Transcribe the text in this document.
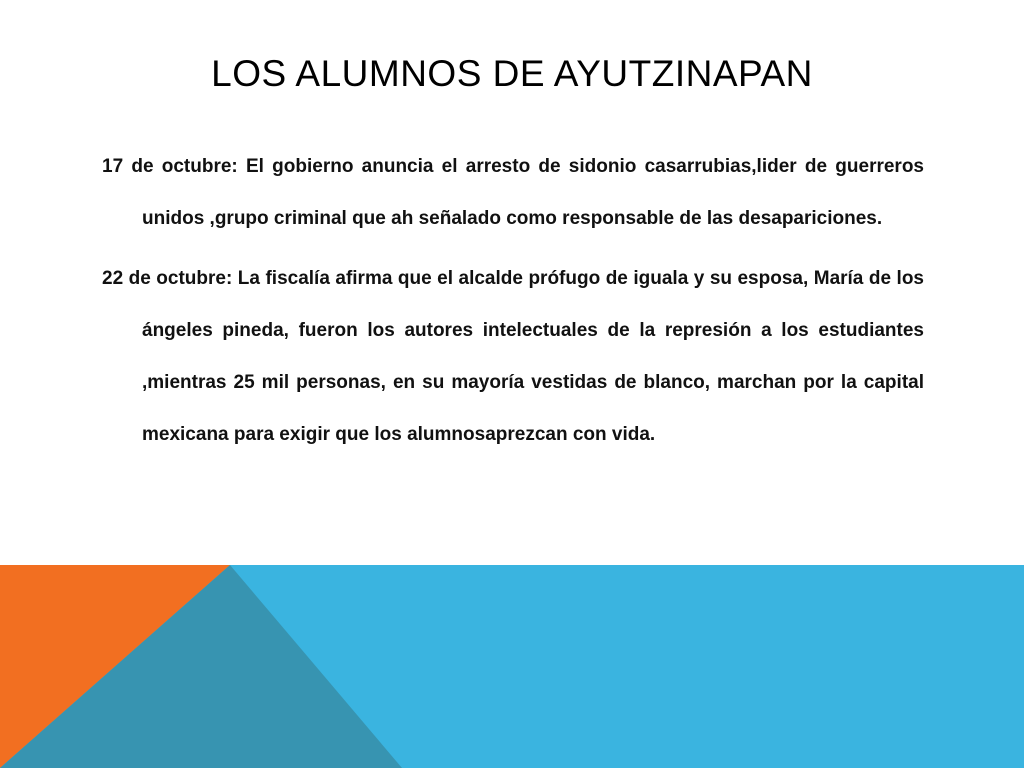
LOS ALUMNOS DE AYUTZINAPAN

17 de octubre: El gobierno anuncia el arresto de sidonio casarrubias,lider de guerreros unidos ,grupo criminal que ah señalado como responsable de las desapariciones.

22 de octubre: La fiscalía afirma que el alcalde prófugo de iguala y su esposa, María de los ángeles pineda, fueron los autores intelectuales de la represión a los estudiantes ,mientras 25 mil personas, en su mayoría vestidas de blanco, marchan por la capital mexicana para exigir que los alumnosaprezcan con vida.
